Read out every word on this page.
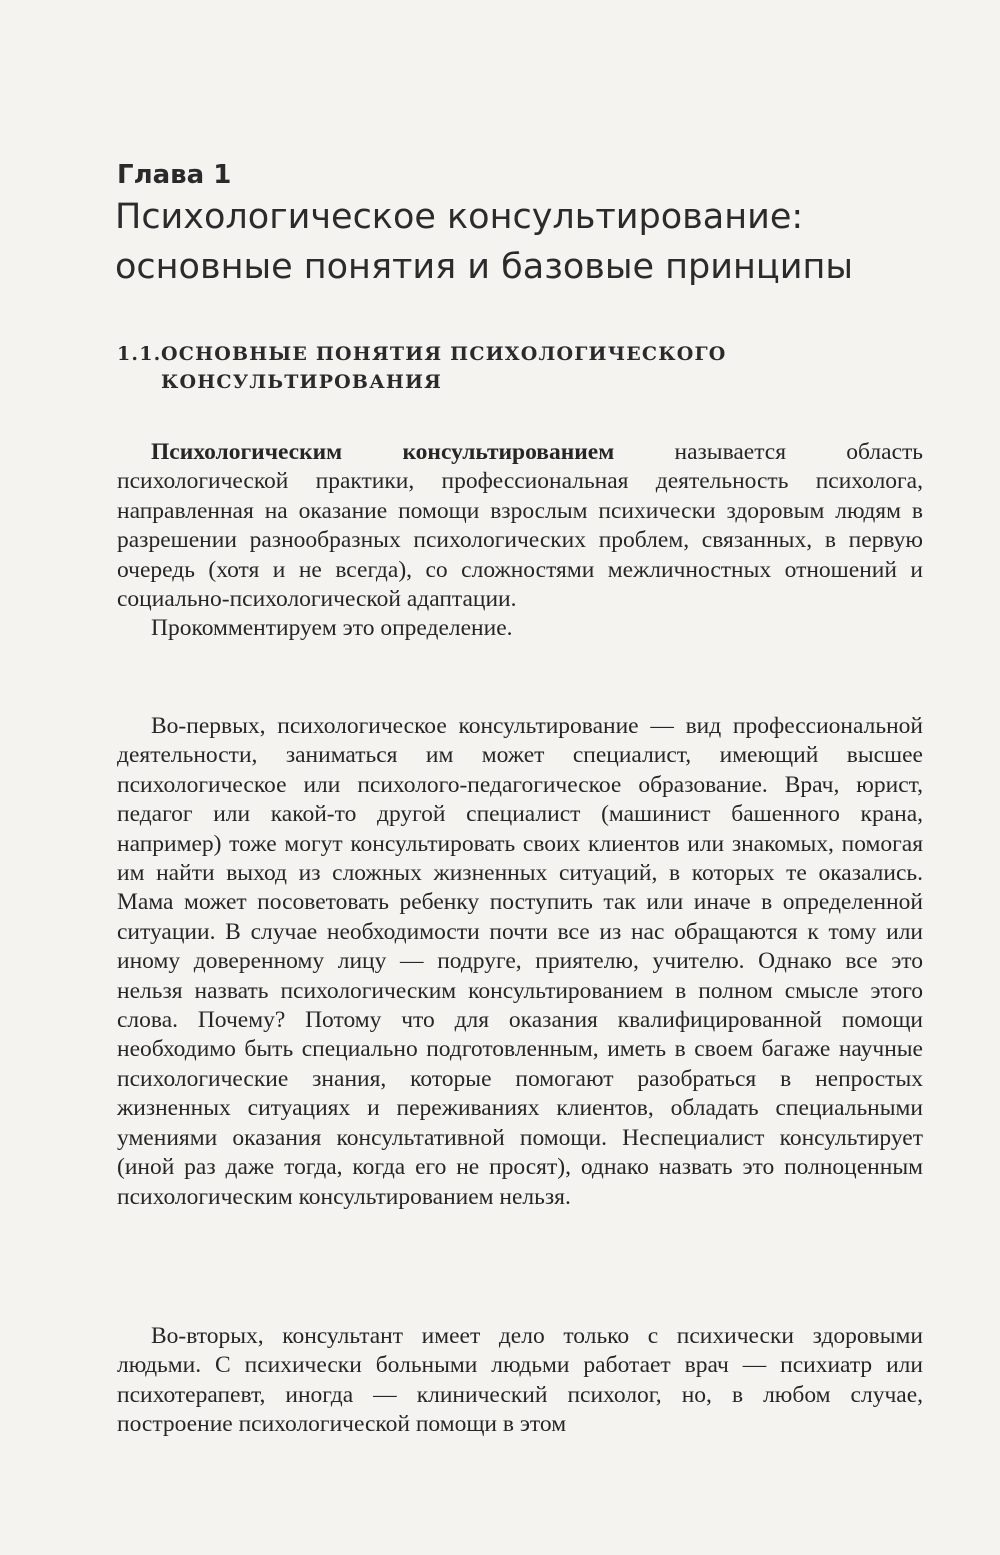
Глава 1
Психологическое консультирование:
основные понятия и базовые принципы
1.1.ОСНОВНЫЕ ПОНЯТИЯ ПСИХОЛОГИЧЕСКОГО
КОНСУЛЬТИРОВАНИЯ

Психологическим консультированием называется область психологической практики, профессиональная деятельность психолога, направленная на оказание помощи взрослым психически здоровым людям в разрешении разнообразных психологических проблем, связанных, в первую очередь (хотя и не всегда), со сложностями межличностных отношений и социально-психологической адаптации.

Прокомментируем это определение.

Во-первых, психологическое консультирование — вид профессиональной деятельности, заниматься им может специалист, имеющий высшее психологическое или психолого-педагогическое образование. Врач, юрист, педагог или какой-то другой специалист (машинист башенного крана, например) тоже могут консультировать своих клиентов или знакомых, помогая им найти выход из сложных жизненных ситуаций, в которых те оказались. Мама может посоветовать ребенку поступить так или иначе в определенной ситуации. В случае необходимости почти все из нас обращаются к тому или иному доверенному лицу — подруге, приятелю, учителю. Однако все это нельзя назвать психологическим консультированием в полном смысле этого слова. Почему? Потому что для оказания квалифицированной помощи необходимо быть специально подготовленным, иметь в своем багаже научные психологические знания, которые помогают разобраться в непростых жизненных ситуациях и переживаниях клиентов, обладать специальными умениями оказания консультативной помощи. Неспециалист консультирует (иной раз даже тогда, когда его не просят), однако назвать это полноценным психологическим консультированием нельзя.

Во-вторых, консультант имеет дело только с психически здоровыми людьми. С психически больными людьми работает врач — психиатр или психотерапевт, иногда — клинический психолог, но, в любом случае, построение психологической помощи в этом
